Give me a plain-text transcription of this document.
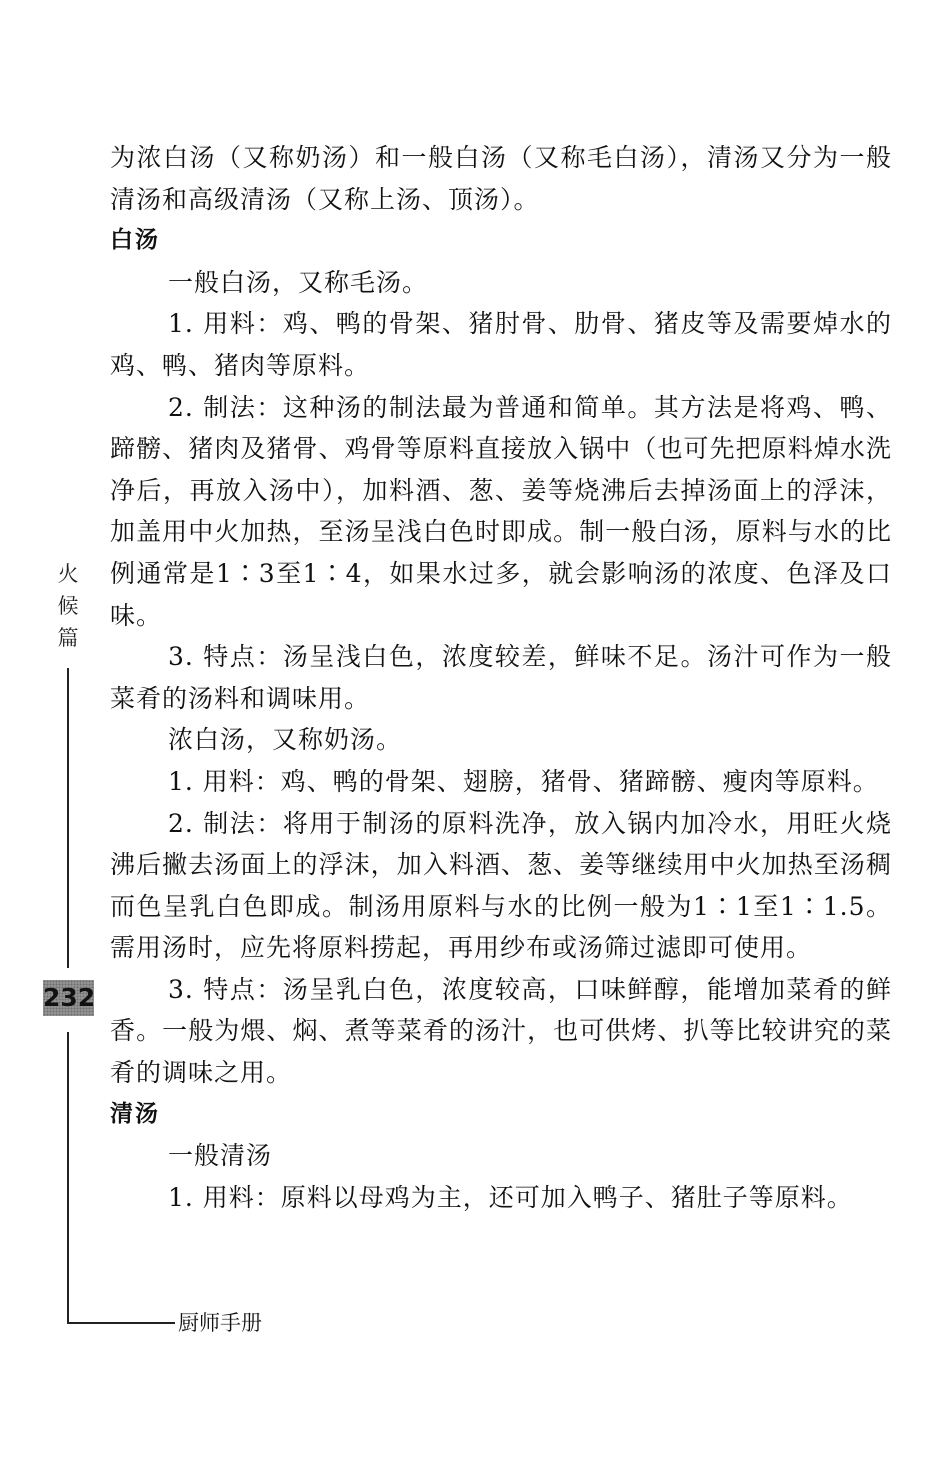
为浓白汤（又称奶汤）和一般白汤（又称毛白汤），清汤又分为一般清汤和高级清汤（又称上汤、顶汤）。

白汤

一般白汤，又称毛汤。

1. 用料：鸡、鸭的骨架、猪肘骨、肋骨、猪皮等及需要焯水的鸡、鸭、猪肉等原料。

2. 制法：这种汤的制法最为普通和简单。其方法是将鸡、鸭、蹄髈、猪肉及猪骨、鸡骨等原料直接放入锅中（也可先把原料焯水洗净后，再放入汤中），加料酒、葱、姜等烧沸后去掉汤面上的浮沫，加盖用中火加热，至汤呈浅白色时即成。制一般白汤，原料与水的比例通常是1∶3至1∶4，如果水过多，就会影响汤的浓度、色泽及口味。

3. 特点：汤呈浅白色，浓度较差，鲜味不足。汤汁可作为一般菜肴的汤料和调味用。

浓白汤，又称奶汤。

1. 用料：鸡、鸭的骨架、翅膀，猪骨、猪蹄髈、瘦肉等原料。

2. 制法：将用于制汤的原料洗净，放入锅内加冷水，用旺火烧沸后撇去汤面上的浮沫，加入料酒、葱、姜等继续用中火加热至汤稠而色呈乳白色即成。制汤用原料与水的比例一般为1∶1至1∶1.5。需用汤时，应先将原料捞起，再用纱布或汤筛过滤即可使用。

3. 特点：汤呈乳白色，浓度较高，口味鲜醇，能增加菜肴的鲜香。一般为煨、焖、煮等菜肴的汤汁，也可供烤、扒等比较讲究的菜肴的调味之用。

清汤

一般清汤

1. 用料：原料以母鸡为主，还可加入鸭子、猪肚子等原料。

火
候
篇
232
厨师手册
